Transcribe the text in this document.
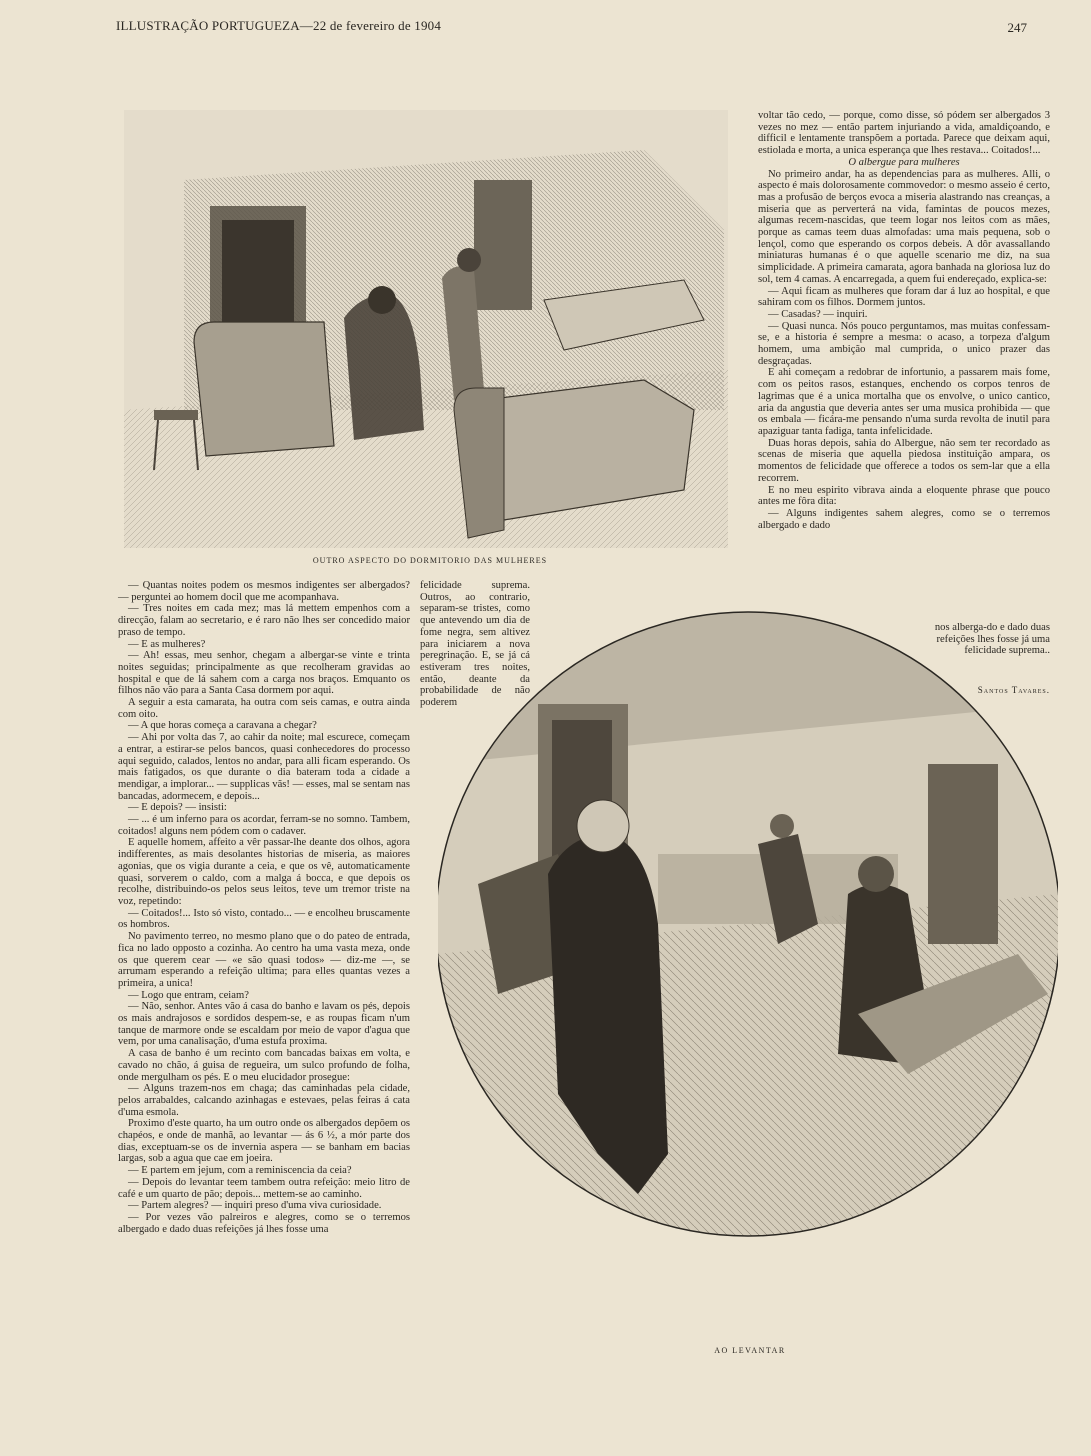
ILLUSTRAÇÃO PORTUGUEZA—22 de fevereiro de 1904	247
OUTRO ASPECTO DO DORMITORIO DAS MULHERES

voltar tão cedo, — porque, como disse, só pódem ser albergados 3 vezes no mez — então partem injuriando a vida, amaldiçoando, e difficil e lentamente transpõem a portada. Parece que deixam aqui, estiolada e morta, a unica esperança que lhes restava... Coitados!...

O albergue para mulheres

No primeiro andar, ha as dependencias para as mulheres. Alli, o aspecto é mais dolorosamente commovedor: o mesmo asseio é certo, mas a profusão de berços evoca a miseria alastrando nas creanças, a miseria que as perverterá na vida, famintas de poucos mezes, algumas recem-nascidas, que teem logar nos leitos com as mães, porque as camas teem duas almofadas: uma mais pequena, sob o lençol, como que esperando os corpos debeis. A dôr avassallando miniaturas humanas é o que aquelle scenario me diz, na sua simplicidade. A primeira camarata, agora banhada na gloriosa luz do sol, tem 4 camas. A encarregada, a quem fui endereçado, explica-se:

— Aqui ficam as mulheres que foram dar á luz ao hospital, e que sahiram com os filhos. Dormem juntos.

— Casadas? — inquiri.

— Quasi nunca. Nós pouco perguntamos, mas muitas confessam-se, e a historia é sempre a mesma: o acaso, a torpeza d'algum homem, uma ambição mal cumprida, o unico prazer das desgraçadas.

E ahi começam a redobrar de infortunio, a passarem mais fome, com os peitos rasos, estanques, enchendo os corpos tenros de lagrimas que é a unica mortalha que os envolve, o unico cantico, aria da angustia que deveria antes ser uma musica prohibida — que os embala — ficára-me pensando n'uma surda revolta de inutil para apaziguar tanta fadiga, tanta infelicidade.

Duas horas depois, sahia do Albergue, não sem ter recordado as scenas de miseria que aquella piedosa instituição ampara, os momentos de felicidade que offerece a todos os sem-lar que a ella recorrem.

E no meu espirito vibrava ainda a eloquente phrase que pouco antes me fôra dita:

— Alguns indigentes sahem alegres, como se o terremos albergado e dado

nos alberga-do e dado duas refeições lhes fosse já uma felicidade suprema..
Santos Tavares.

— Quantas noites podem os mesmos indigentes ser albergados? — perguntei ao homem docil que me acompanhava.

— Tres noites em cada mez; mas lá mettem empenhos com a direcção, falam ao secretario, e é raro não lhes ser concedido maior praso de tempo.

— E as mulheres?

— Ah! essas, meu senhor, chegam a albergar-se vinte e trinta noites seguidas; principalmente as que recolheram gravidas ao hospital e que de lá sahem com a carga nos braços. Emquanto os filhos não vão para a Santa Casa dormem por aqui.

A seguir a esta camarata, ha outra com seis camas, e outra ainda com oito.

— A que horas começa a caravana a chegar?

— Ahi por volta das 7, ao cahir da noite; mal escurece, começam a entrar, a estirar-se pelos bancos, quasi conhecedores do processo aqui seguido, calados, lentos no andar, para alli ficam esperando. Os mais fatigados, os que durante o dia bateram toda a cidade a mendigar, a implorar... — supplicas vãs! — esses, mal se sentam nas bancadas, adormecem, e depois...

— E depois? — insisti:

— ... é um inferno para os acordar, ferram-se no somno. Tambem, coitados! alguns nem pódem com o cadaver.

E aquelle homem, affeito a vêr passar-lhe deante dos olhos, agora indifferentes, as mais desolantes historias de miseria, as maiores agonias, que os vigia durante a ceia, e que os vê, automaticamente quasi, sorverem o caldo, com a malga á bocca, e que depois os recolhe, distribuindo-os pelos seus leitos, teve um tremor triste na voz, repetindo:

— Coitados!... Isto só visto, contado... — e encolheu bruscamente os hombros.

No pavimento terreo, no mesmo plano que o do pateo de entrada, fica no lado opposto a cozinha. Ao centro ha uma vasta meza, onde os que querem cear — «e são quasi todos» — diz-me —, se arrumam esperando a refeição ultima; para elles quantas vezes a primeira, a unica!

— Logo que entram, ceiam?

— Não, senhor. Antes vão á casa do banho e lavam os pés, depois os mais andrajosos e sordidos despem-se, e as roupas ficam n'um tanque de marmore onde se escaldam por meio de vapor d'agua que vem, por uma canalisação, d'uma estufa proxima.

A casa de banho é um recinto com bancadas baixas em volta, e cavado no chão, á guisa de regueira, um sulco profundo de folha, onde mergulham os pés. E o meu elucidador prosegue:

— Alguns trazem-nos em chaga; das caminhadas pela cidade, pelos arrabaldes, calcando azinhagas e estevaes, pelas feiras á cata d'uma esmola.

Proximo d'este quarto, ha um outro onde os albergados depõem os chapéos, e onde de manhã, ao levantar — ás 6 ½, a mór parte dos dias, exceptuam-se os de invernia aspera — se banham em bacias largas, sob a agua que cae em joeira.

— E partem em jejum, com a reminiscencia da ceia?

— Depois do levantar teem tambem outra refeição: meio litro de café e um quarto de pão; depois... mettem-se ao caminho.

— Partem alegres? — inquiri preso d'uma viva curiosidade.

— Por vezes vão palreiros e alegres, como se o terremos albergado e dado duas refeições já lhes fosse uma

felicidade suprema. Outros, ao contrario, separam-se tristes, como que antevendo um dia de fome negra, sem altivez para iniciarem a nova peregrinação. E, se já cá estiveram tres noites, então, deante da probabilidade de não poderem
AO LEVANTAR
